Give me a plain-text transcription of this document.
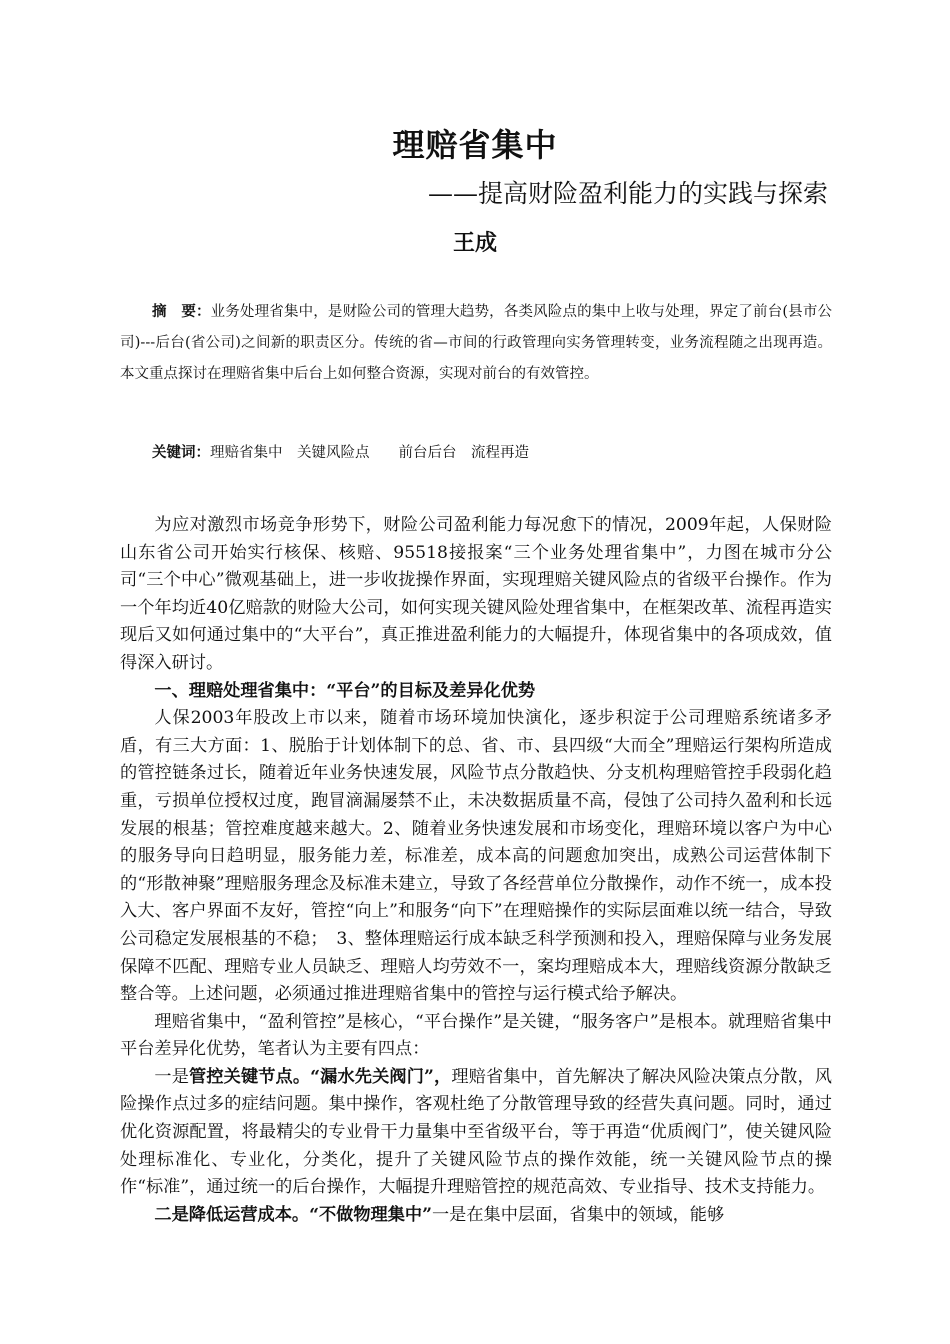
理赔省集中
——提高财险盈利能力的实践与探索
王成
摘　要：业务处理省集中，是财险公司的管理大趋势，各类风险点的集中上收与处理，界定了前台(县市公司)---后台(省公司)之间新的职责区分。传统的省—市间的行政管理向实务管理转变，业务流程随之出现再造。本文重点探讨在理赔省集中后台上如何整合资源，实现对前台的有效管控。
关键词：理赔省集中　关键风险点　　前台后台　流程再造

为应对激烈市场竞争形势下，财险公司盈利能力每况愈下的情况，2009年起，人保财险山东省公司开始实行核保、核赔、95518接报案“三个业务处理省集中”，力图在城市分公司“三个中心”微观基础上，进一步收拢操作界面，实现理赔关键风险点的省级平台操作。作为一个年均近40亿赔款的财险大公司，如何实现关键风险处理省集中，在框架改革、流程再造实现后又如何通过集中的“大平台”，真正推进盈利能力的大幅提升，体现省集中的各项成效，值得深入研讨。

一、理赔处理省集中：“平台”的目标及差异化优势

人保2003年股改上市以来，随着市场环境加快演化，逐步积淀于公司理赔系统诸多矛盾，有三大方面：1、脱胎于计划体制下的总、省、市、县四级“大而全”理赔运行架构所造成的管控链条过长，随着近年业务快速发展，风险节点分散趋快、分支机构理赔管控手段弱化趋重，亏损单位授权过度，跑冒滴漏屡禁不止，未决数据质量不高，侵蚀了公司持久盈利和长远发展的根基；管控难度越来越大。2、随着业务快速发展和市场变化，理赔环境以客户为中心的服务导向日趋明显，服务能力差，标准差，成本高的问题愈加突出，成熟公司运营体制下的“形散神聚”理赔服务理念及标准未建立，导致了各经营单位分散操作，动作不统一，成本投入大、客户界面不友好，管控“向上”和服务“向下”在理赔操作的实际层面难以统一结合，导致公司稳定发展根基的不稳；　3、整体理赔运行成本缺乏科学预测和投入，理赔保障与业务发展保障不匹配、理赔专业人员缺乏、理赔人均劳效不一，案均理赔成本大，理赔线资源分散缺乏整合等。上述问题，必须通过推进理赔省集中的管控与运行模式给予解决。

理赔省集中，“盈利管控”是核心，“平台操作”是关键，“服务客户”是根本。就理赔省集中平台差异化优势，笔者认为主要有四点：

一是管控关键节点。“漏水先关阀门”，理赔省集中，首先解决了解决风险决策点分散，风险操作点过多的症结问题。集中操作，客观杜绝了分散管理导致的经营失真问题。同时，通过优化资源配置，将最精尖的专业骨干力量集中至省级平台，等于再造“优质阀门”，使关键风险处理标准化、专业化，分类化，提升了关键风险节点的操作效能，统一关键风险节点的操作“标准”，通过统一的后台操作，大幅提升理赔管控的规范高效、专业指导、技术支持能力。

二是降低运营成本。“不做物理集中”一是在集中层面，省集中的领域，能够
